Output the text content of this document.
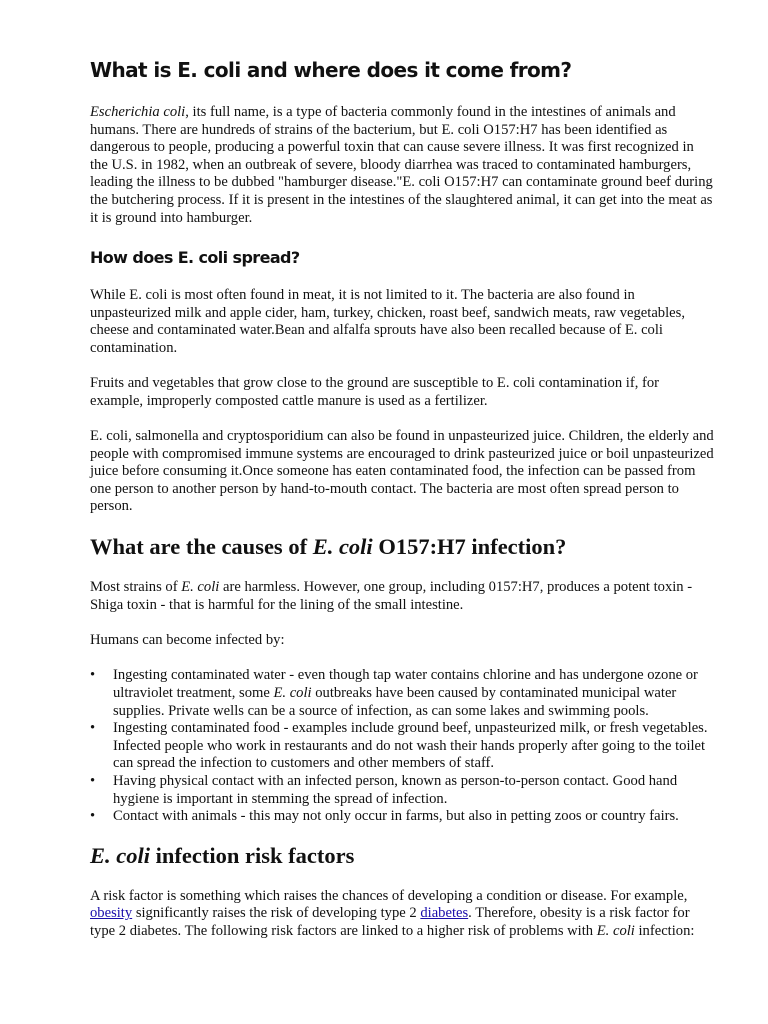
What is E. coli and where does it come from?

Escherichia coli, its full name, is a type of bacteria commonly found in the intestines of animals and humans. There are hundreds of strains of the bacterium, but E. coli O157:H7 has been identified as dangerous to people, producing a powerful toxin that can cause severe illness. It was first recognized in the U.S. in 1982, when an outbreak of severe, bloody diarrhea was traced to contaminated hamburgers, leading the illness to be dubbed "hamburger disease."E. coli O157:H7 can contaminate ground beef during the butchering process. If it is present in the intestines of the slaughtered animal, it can get into the meat as it is ground into hamburger.

How does E. coli spread?

While E. coli is most often found in meat, it is not limited to it. The bacteria are also found in unpasteurized milk and apple cider, ham, turkey, chicken, roast beef, sandwich meats, raw vegetables, cheese and contaminated water.Bean and alfalfa sprouts have also been recalled because of E. coli contamination.

Fruits and vegetables that grow close to the ground are susceptible to E. coli contamination if, for example, improperly composted cattle manure is used as a fertilizer.

E. coli, salmonella and cryptosporidium can also be found in unpasteurized juice. Children, the elderly and people with compromised immune systems are encouraged to drink pasteurized juice or boil unpasteurized juice before consuming it.Once someone has eaten contaminated food, the infection can be passed from one person to another person by hand-to-mouth contact. The bacteria are most often spread person to person.

What are the causes of E. coli O157:H7 infection?

Most strains of E. coli are harmless. However, one group, including 0157:H7, produces a potent toxin - Shiga toxin - that is harmful for the lining of the small intestine.

Humans can become infected by:

• Ingesting contaminated water - even though tap water contains chlorine and has undergone ozone or ultraviolet treatment, some E. coli outbreaks have been caused by contaminated municipal water supplies. Private wells can be a source of infection, as can some lakes and swimming pools.
• Ingesting contaminated food - examples include ground beef, unpasteurized milk, or fresh vegetables. Infected people who work in restaurants and do not wash their hands properly after going to the toilet can spread the infection to customers and other members of staff.
• Having physical contact with an infected person, known as person-to-person contact. Good hand hygiene is important in stemming the spread of infection.
• Contact with animals - this may not only occur in farms, but also in petting zoos or country fairs.
E. coli infection risk factors

A risk factor is something which raises the chances of developing a condition or disease. For example, obesity significantly raises the risk of developing type 2 diabetes. Therefore, obesity is a risk factor for type 2 diabetes. The following risk factors are linked to a higher risk of problems with E. coli infection:
